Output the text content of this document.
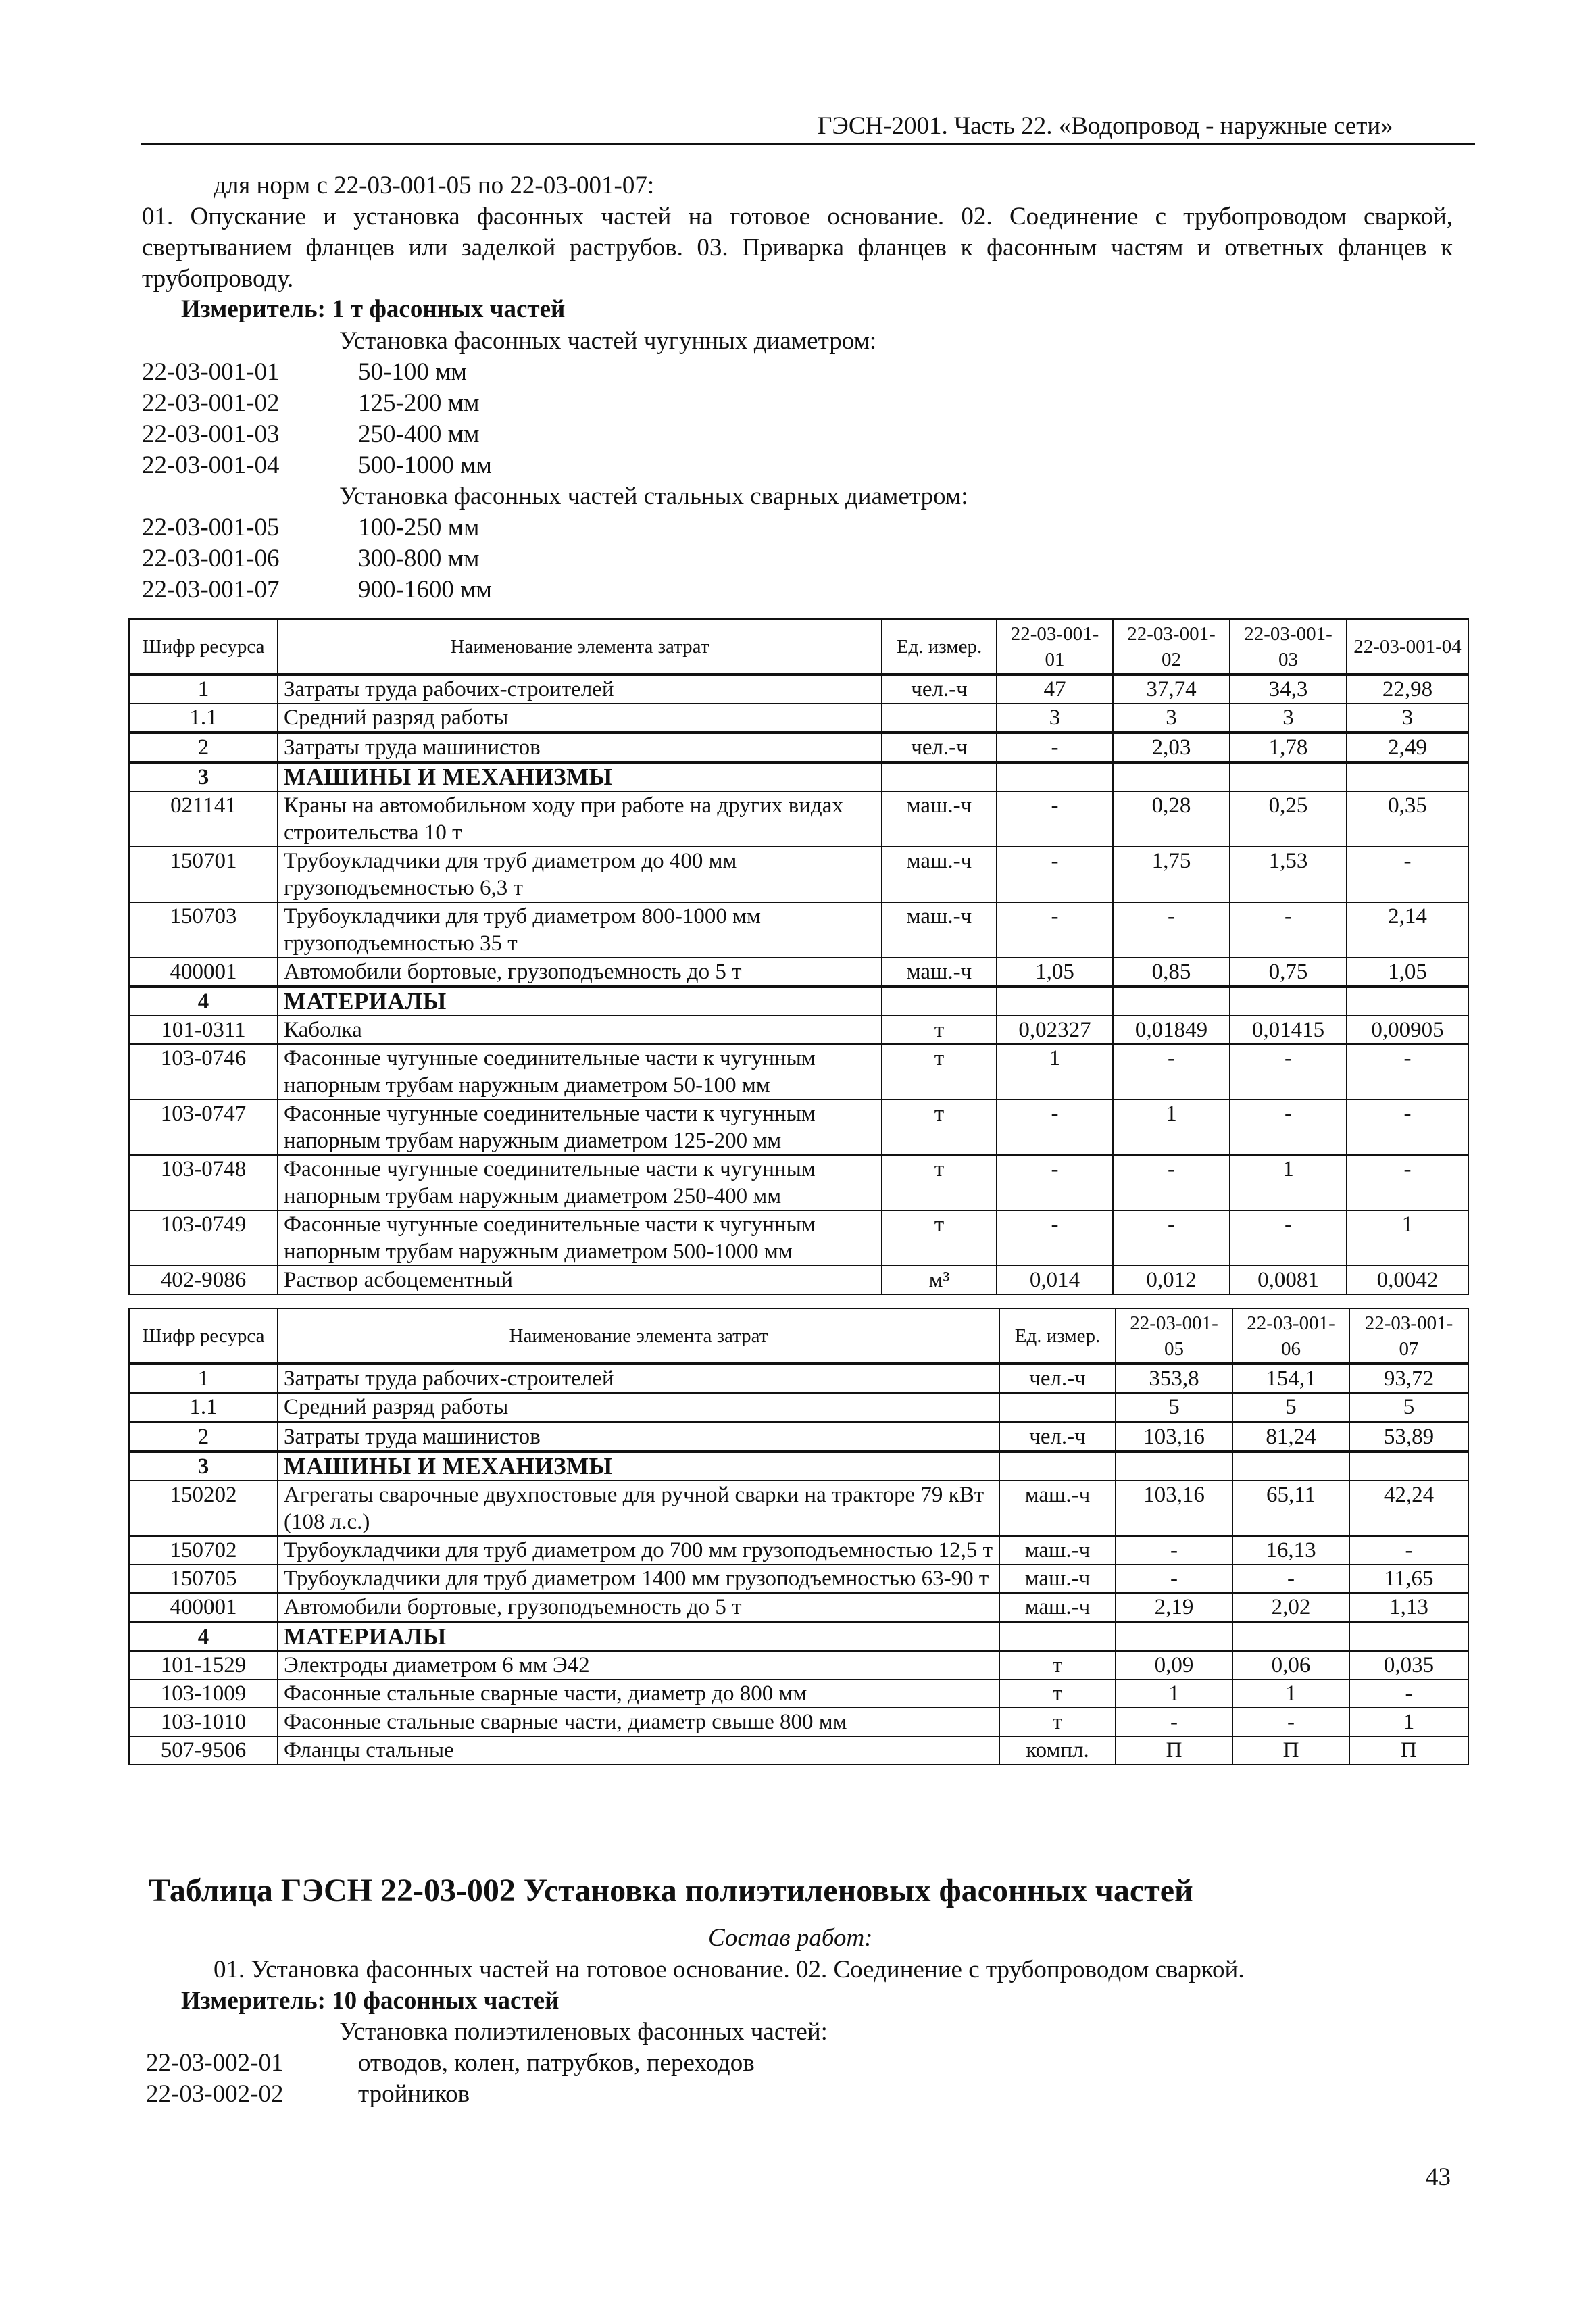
ГЭСН-2001. Часть 22. «Водопровод - наружные сети»
для норм с 22-03-001-05 по 22-03-001-07:
01. Опускание и установка фасонных частей на готовое основание. 02. Соединение с трубопроводом сваркой, свертыванием фланцев или заделкой раструбов. 03. Приварка фланцев к фасонным частям и ответных фланцев к трубопроводу.
Измеритель: 1 т фасонных частей
Установка фасонных частей чугунных диаметром:
22-03-001-01	50-100 мм
22-03-001-02	125-200 мм
22-03-001-03	250-400 мм
22-03-001-04	500-1000 мм
Установка фасонных частей стальных сварных диаметром:
22-03-001-05	100-250 мм
22-03-001-06	300-800 мм
22-03-001-07	900-1600 мм
Шифр ресурса	Наименование элемента затрат	Ед. измер.	22-03-001-01	22-03-001-02	22-03-001-03	22-03-001-04
1	Затраты труда рабочих-строителей	чел.-ч	47	37,74	34,3	22,98
1.1	Средний разряд работы		3	3	3	3
2	Затраты труда машинистов	чел.-ч	-	2,03	1,78	2,49
3	МАШИНЫ И МЕХАНИЗМЫ					
021141	Краны на автомобильном ходу при работе на других видах строительства 10 т	маш.-ч	-	0,28	0,25	0,35
150701	Трубоукладчики для труб диаметром до 400 мм грузоподъемностью 6,3 т	маш.-ч	-	1,75	1,53	-
150703	Трубоукладчики для труб диаметром 800-1000 мм грузоподъемностью 35 т	маш.-ч	-	-	-	2,14
400001	Автомобили бортовые, грузоподъемность до 5 т	маш.-ч	1,05	0,85	0,75	1,05
4	МАТЕРИАЛЫ					
101-0311	Каболка	т	0,02327	0,01849	0,01415	0,00905
103-0746	Фасонные чугунные соединительные части к чугунным напорным трубам наружным диаметром 50-100 мм	т	1	-	-	-
103-0747	Фасонные чугунные соединительные части к чугунным напорным трубам наружным диаметром 125-200 мм	т	-	1	-	-
103-0748	Фасонные чугунные соединительные части к чугунным напорным трубам наружным диаметром 250-400 мм	т	-	-	1	-
103-0749	Фасонные чугунные соединительные части к чугунным напорным трубам наружным диаметром 500-1000 мм	т	-	-	-	1
402-9086	Раствор асбоцементный	м³	0,014	0,012	0,0081	0,0042
Шифр ресурса	Наименование элемента затрат	Ед. измер.	22-03-001-05	22-03-001-06	22-03-001-07
1	Затраты труда рабочих-строителей	чел.-ч	353,8	154,1	93,72
1.1	Средний разряд работы		5	5	5
2	Затраты труда машинистов	чел.-ч	103,16	81,24	53,89
3	МАШИНЫ И МЕХАНИЗМЫ				
150202	Агрегаты сварочные двухпостовые для ручной сварки на тракторе 79 кВт (108 л.с.)	маш.-ч	103,16	65,11	42,24
150702	Трубоукладчики для труб диаметром до 700 мм грузоподъемностью 12,5 т	маш.-ч	-	16,13	-
150705	Трубоукладчики для труб диаметром 1400 мм грузоподъемностью 63-90 т	маш.-ч	-	-	11,65
400001	Автомобили бортовые, грузоподъемность до 5 т	маш.-ч	2,19	2,02	1,13
4	МАТЕРИАЛЫ				
101-1529	Электроды диаметром 6 мм Э42	т	0,09	0,06	0,035
103-1009	Фасонные стальные сварные части, диаметр до 800 мм	т	1	1	-
103-1010	Фасонные стальные сварные части, диаметр свыше 800 мм	т	-	-	1
507-9506	Фланцы стальные	компл.	П	П	П
Таблица ГЭСН 22-03-002 Установка полиэтиленовых фасонных частей
Состав работ:
01. Установка фасонных частей на готовое основание. 02. Соединение с трубопроводом сваркой.
Измеритель: 10 фасонных частей
Установка полиэтиленовых фасонных частей:
22-03-002-01	отводов, колен, патрубков, переходов
22-03-002-02	тройников
43
